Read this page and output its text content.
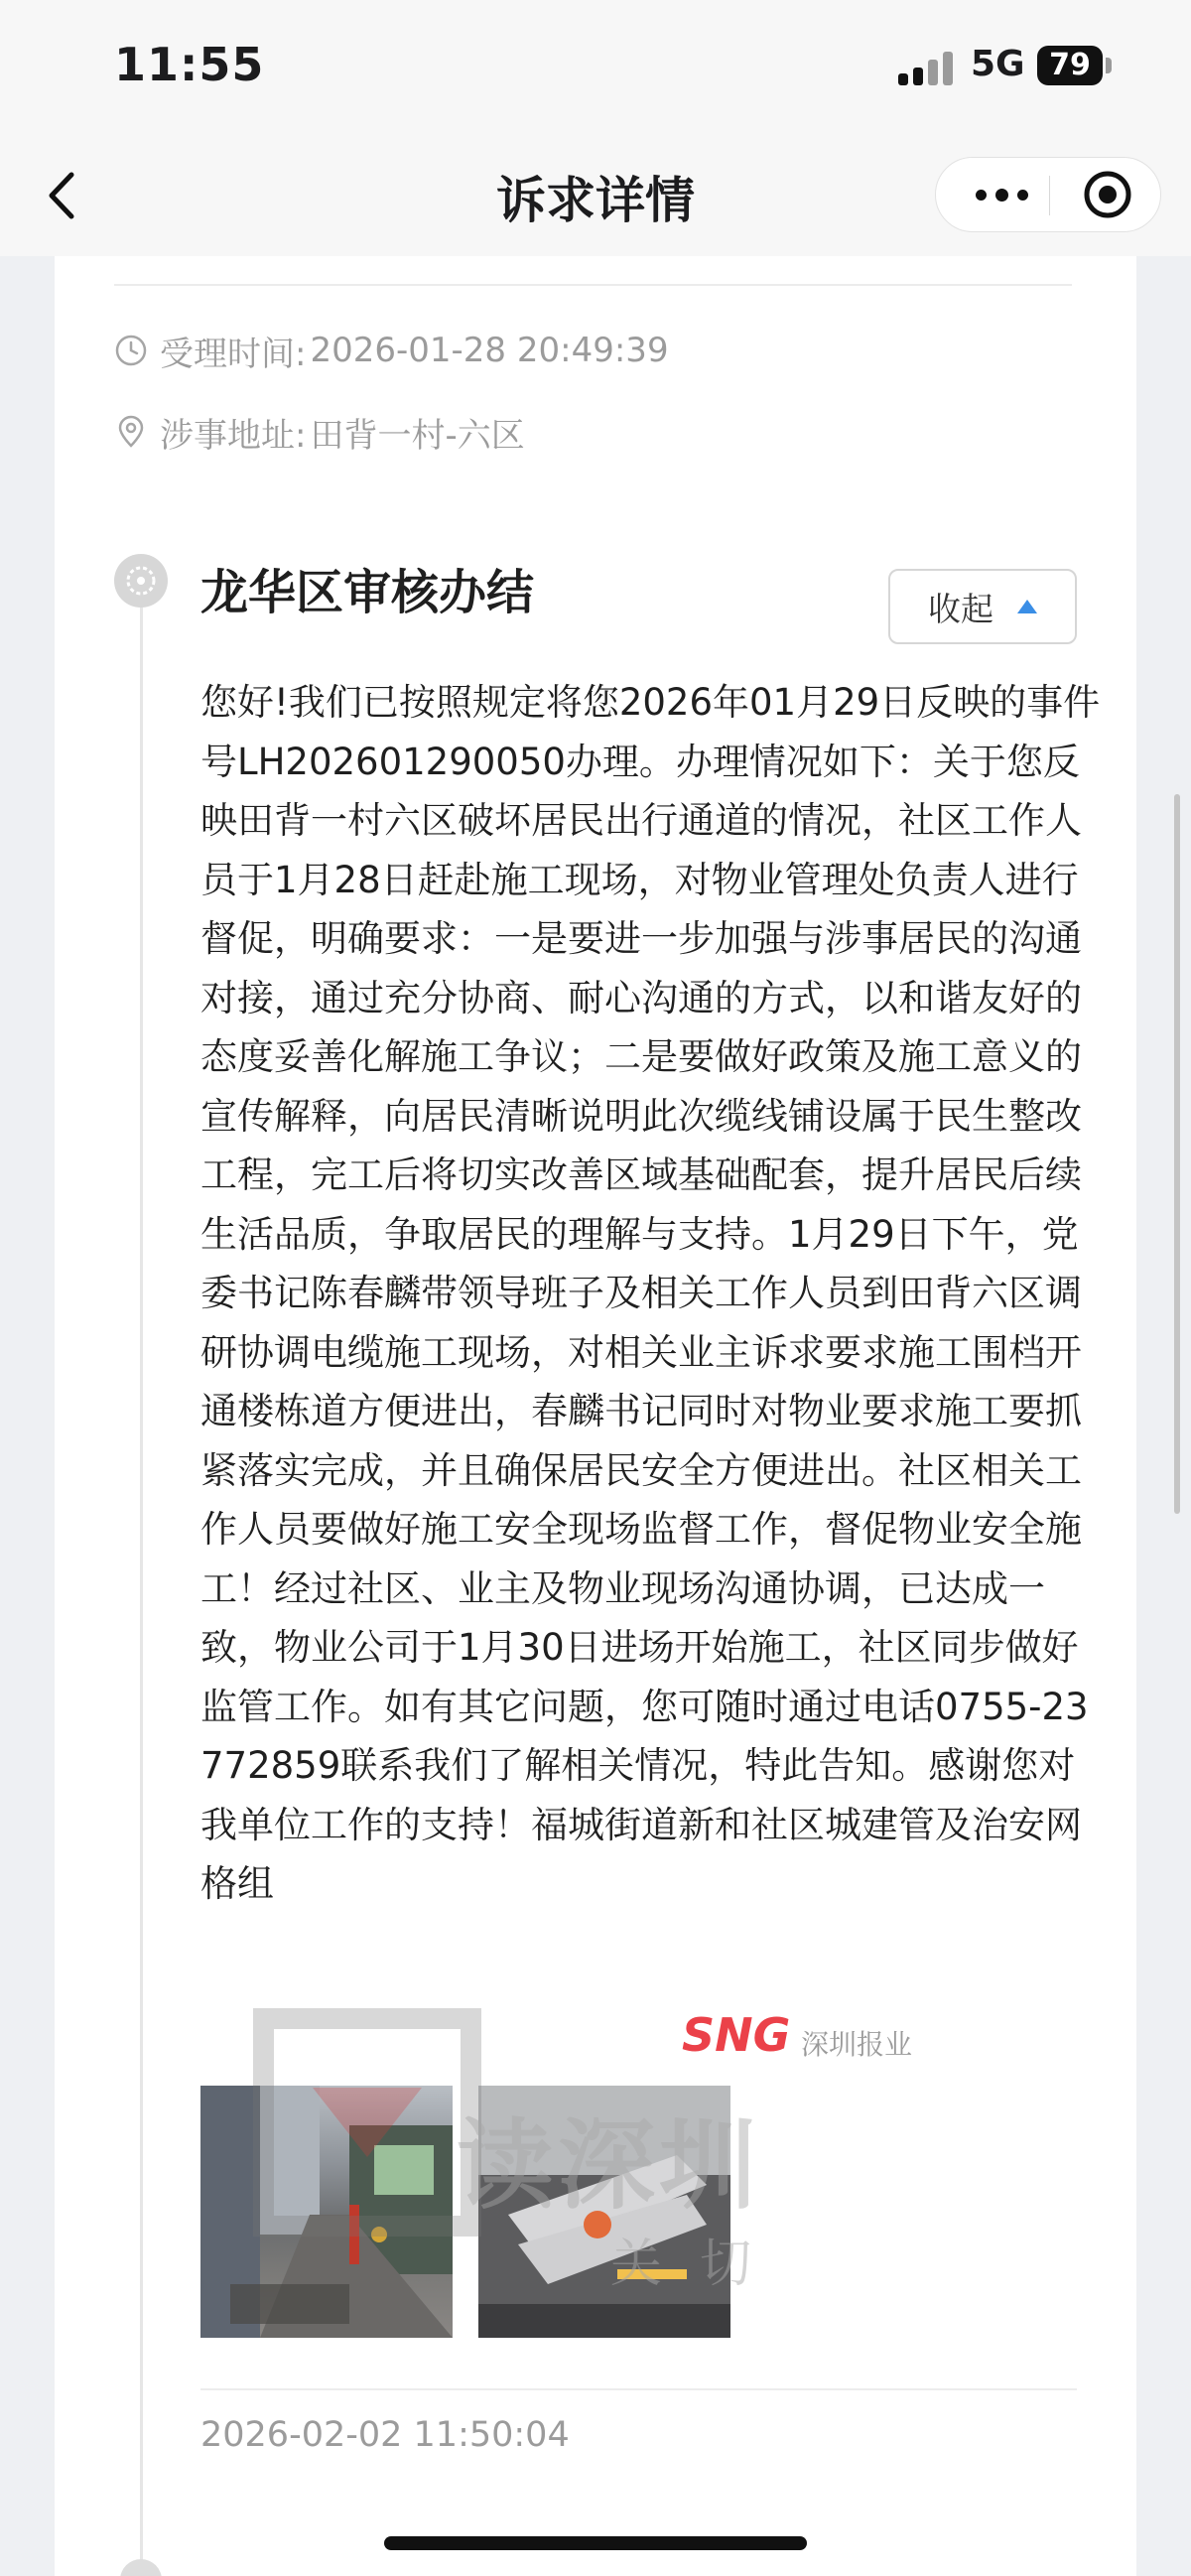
11:55	5G 79
诉求详情
受理时间: 2026-01-28 20:49:39
涉事地址: 田背一村-六区
龙华区审核办结	收起
您好!我们已按照规定将您2026年01月29日反映的事件号LH202601290050办理。办理情况如下：关于您反映田背一村六区破坏居民出行通道的情况，社区工作人员于1月28日赶赴施工现场，对物业管理处负责人进行督促，明确要求：一是要进一步加强与涉事居民的沟通对接，通过充分协商、耐心沟通的方式，以和谐友好的态度妥善化解施工争议；二是要做好政策及施工意义的宣传解释，向居民清晰说明此次缆线铺设属于民生整改工程，完工后将切实改善区域基础配套，提升居民后续生活品质，争取居民的理解与支持。1月29日下午，党委书记陈春麟带领导班子及相关工作人员到田背六区调研协调电缆施工现场，对相关业主诉求要求施工围档开通楼栋道方便进出，春麟书记同时对物业要求施工要抓紧落实完成，并且确保居民安全方便进出。社区相关工作人员要做好施工安全现场监督工作，督促物业安全施工！经过社区、业主及物业现场沟通协调，已达成一致，物业公司于1月30日进场开始施工，社区同步做好监管工作。如有其它问题，您可随时通过电话0755-23772859联系我们了解相关情况，特此告知。感谢您对我单位工作的支持！福城街道新和社区城建管及治安网格组
SNG 深圳报业
读深圳
关切
2026-02-02 11:50:04
